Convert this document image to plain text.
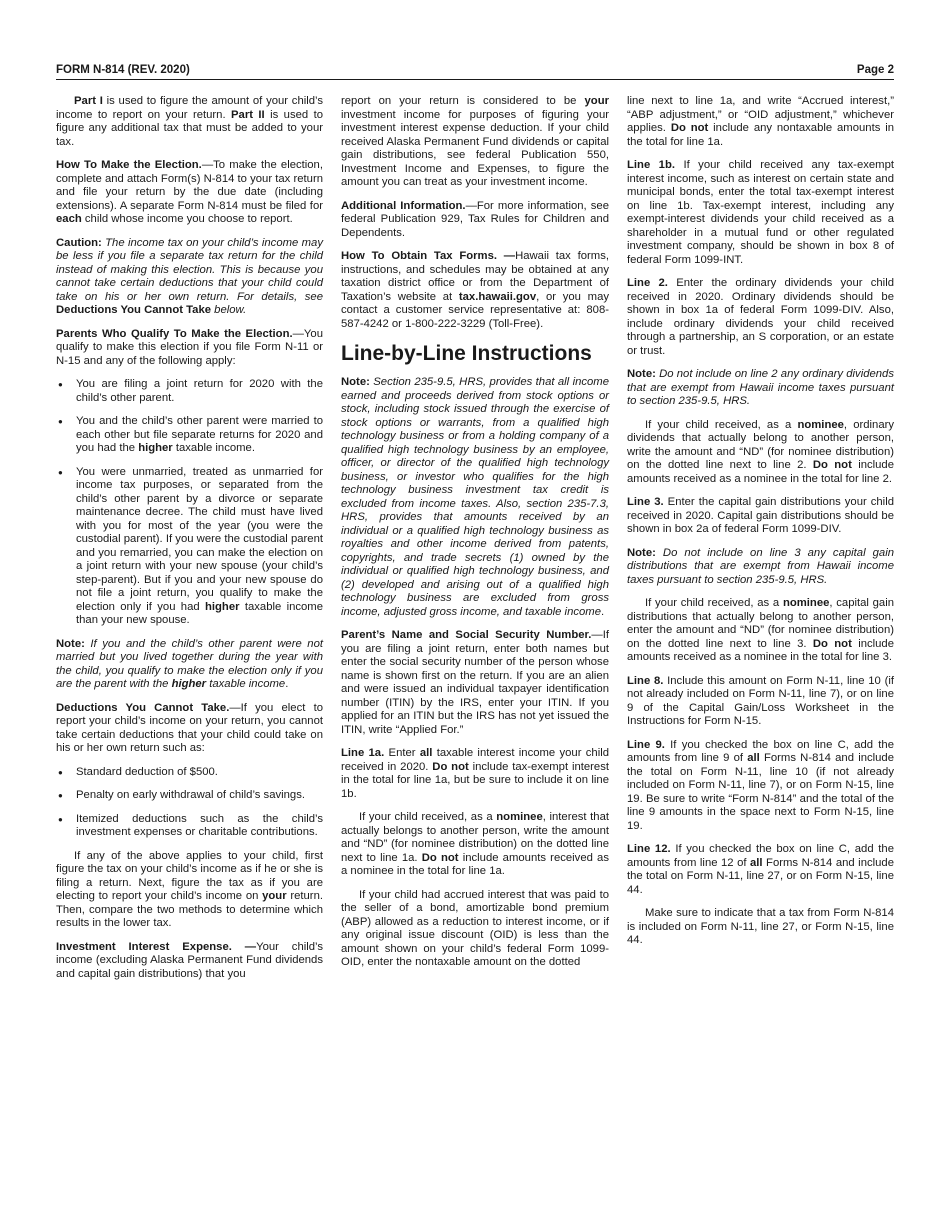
FORM N-814 (REV. 2020)	Page 2

Part I is used to figure the amount of your child’s income to report on your return. Part II is used to figure any additional tax that must be added to your tax.

How To Make the Election.—To make the election, complete and attach Form(s) N-814 to your tax return and file your return by the due date (including extensions). A separate Form N-814 must be filed for each child whose income you choose to report.

Caution: The income tax on your child’s income may be less if you file a separate tax return for the child instead of making this election. This is because you cannot take certain deductions that your child could take on his or her own return. For details, see Deductions You Cannot Take below.

Parents Who Qualify To Make the Election.—You qualify to make this election if you file Form N-11 or N-15 and any of the following apply:

● You are filing a joint return for 2020 with the child’s other parent.
● You and the child’s other parent were married to each other but file separate returns for 2020 and you had the higher taxable income.
● You were unmarried, treated as unmarried for income tax purposes, or separated from the child’s other parent by a divorce or separate maintenance decree. The child must have lived with you for most of the year (you were the custodial parent). If you were the custodial parent and you remarried, you can make the election on a joint return with your new spouse (your child’s step-parent). But if you and your new spouse do not file a joint return, you qualify to make the election only if you had higher taxable income than your new spouse.

Note: If you and the child’s other parent were not married but you lived together during the year with the child, you qualify to make the election only if you are the parent with the higher taxable income.

Deductions You Cannot Take.—If you elect to report your child’s income on your return, you cannot take certain deductions that your child could take on his or her own return such as:

● Standard deduction of $500.
● Penalty on early withdrawal of child’s savings.
● Itemized deductions such as the child’s investment expenses or charitable contributions.

If any of the above applies to your child, first figure the tax on your child’s income as if he or she is filing a return. Next, figure the tax as if you are electing to report your child’s income on your return. Then, compare the two methods to determine which results in the lower tax.

Investment Interest Expense. —Your child’s income (excluding Alaska Permanent Fund dividends and capital gain distributions) that you

report on your return is considered to be your investment income for purposes of figuring your investment interest expense deduction. If your child received Alaska Permanent Fund dividends or capital gain distributions, see federal Publication 550, Investment Income and Expenses, to figure the amount you can treat as your investment income.

Additional Information.—For more information, see federal Publication 929, Tax Rules for Children and Dependents.

How To Obtain Tax Forms. —Hawaii tax forms, instructions, and schedules may be obtained at any taxation district office or from the Department of Taxation’s website at tax.hawaii.gov, or you may contact a customer service representative at: 808-587-4242 or 1-800-222-3229 (Toll-Free).

Line-by-Line Instructions

Note: Section 235-9.5, HRS, provides that all income earned and proceeds derived from stock options or stock, including stock issued through the exercise of stock options or warrants, from a qualified high technology business or from a holding company of a qualified high technology business by an employee, officer, or director of the qualified high technology business, or investor who qualifies for the high technology business investment tax credit is excluded from income taxes. Also, section 235-7.3, HRS, provides that amounts received by an individual or a qualified high technology business as royalties and other income derived from patents, copyrights, and trade secrets (1) owned by the individual or qualified high technology business, and (2) developed and arising out of a qualified high technology business are excluded from gross income, adjusted gross income, and taxable income.

Parent’s Name and Social Security Number.—If you are filing a joint return, enter both names but enter the social security number of the person whose name is shown first on the return. If you are an alien and were issued an individual taxpayer identification number (ITIN) by the IRS, enter your ITIN. If you applied for an ITIN but the IRS has not yet issued the ITIN, write “Applied For.”

Line 1a. Enter all taxable interest income your child received in 2020. Do not include tax-exempt interest in the total for line 1a, but be sure to include it on line 1b.

If your child received, as a nominee, interest that actually belongs to another person, write the amount and “ND” (for nominee distribution) on the dotted line next to line 1a. Do not include amounts received as a nominee in the total for line 1a.

If your child had accrued interest that was paid to the seller of a bond, amortizable bond premium (ABP) allowed as a reduction to interest income, or if any original issue discount (OID) is less than the amount shown on your child’s federal Form 1099-OID, enter the nontaxable amount on the dotted

line next to line 1a, and write “Accrued interest,” “ABP adjustment,” or “OID adjustment,” whichever applies. Do not include any nontaxable amounts in the total for line 1a.

Line 1b. If your child received any tax-exempt interest income, such as interest on certain state and municipal bonds, enter the total tax-exempt interest on line 1b. Tax-exempt interest, including any exempt-interest dividends your child received as a shareholder in a mutual fund or other regulated investment company, should be shown in box 8 of federal Form 1099-INT.

Line 2. Enter the ordinary dividends your child received in 2020. Ordinary dividends should be shown in box 1a of federal Form 1099-DIV. Also, include ordinary dividends your child received through a partnership, an S corporation, or an estate or trust.

Note: Do not include on line 2 any ordinary dividends that are exempt from Hawaii income taxes pursuant to section 235-9.5, HRS.

If your child received, as a nominee, ordinary dividends that actually belong to another person, write the amount and “ND” (for nominee distribution) on the dotted line next to line 2. Do not include amounts received as a nominee in the total for line 2.

Line 3. Enter the capital gain distributions your child received in 2020. Capital gain distributions should be shown in box 2a of federal Form 1099-DIV.

Note: Do not include on line 3 any capital gain distributions that are exempt from Hawaii income taxes pursuant to section 235-9.5, HRS.

If your child received, as a nominee, capital gain distributions that actually belong to another person, enter the amount and “ND” (for nominee distribution) on the dotted line next to line 3. Do not include amounts received as a nominee in the total for line 3.

Line 8. Include this amount on Form N-11, line 10 (if not already included on Form N-11, line 7), or on line 9 of the Capital Gain/Loss Worksheet in the Instructions for Form N-15.

Line 9. If you checked the box on line C, add the amounts from line 9 of all Forms N-814 and include the total on Form N-11, line 10 (if not already included on Form N-11, line 7), or on Form N-15, line 19. Be sure to write “Form N-814” and the total of the line 9 amounts in the space next to Form N-15, line 19.

Line 12. If you checked the box on line C, add the amounts from line 12 of all Forms N-814 and include the total on Form N-11, line 27, or on Form N-15, line 44.

Make sure to indicate that a tax from Form N-814 is included on Form N-11, line 27, or Form N-15, line 44.
